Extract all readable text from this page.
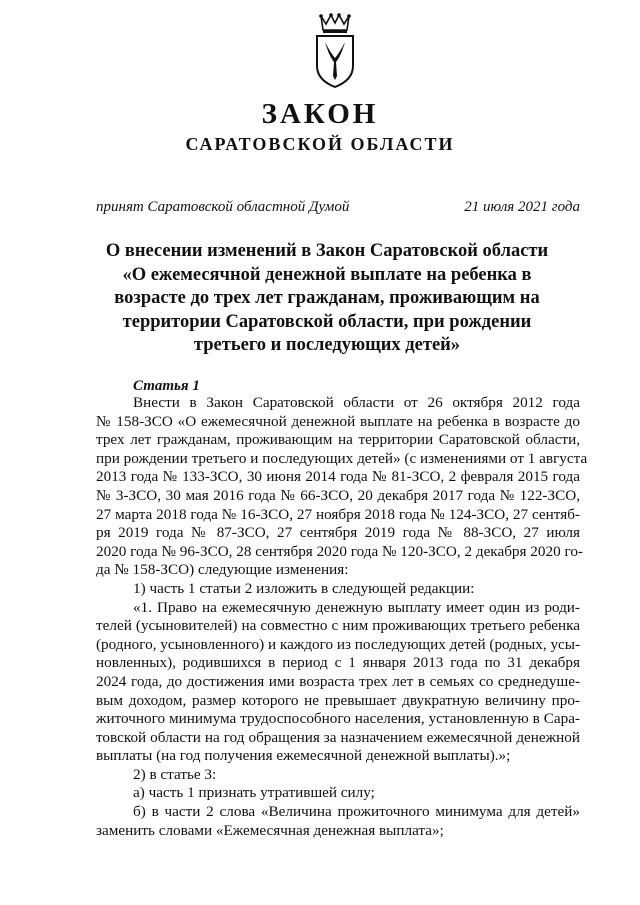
ЗАКОН
САРАТОВСКОЙ ОБЛАСТИ
принят Саратовской областной Думой	21 июля 2021 года
О внесении изменений в Закон Саратовской области
«О ежемесячной денежной выплате на ребенка в
возрасте до трех лет гражданам, проживающим на
территории Саратовской области, при рождении
третьего и последующих детей»
Статья 1
Внести в Закон Саратовской области от 26 октября 2012 года
№ 158-ЗСО «О ежемесячной денежной выплате на ребенка в возрасте до
трех лет гражданам, проживающим на территории Саратовской области,
при рождении третьего и последующих детей» (с изменениями от 1 августа
2013 года № 133-ЗСО, 30 июня 2014 года № 81-ЗСО, 2 февраля 2015 года
№ 3-ЗСО, 30 мая 2016 года № 66-ЗСО, 20 декабря 2017 года № 122-ЗСО,
27 марта 2018 года № 16-ЗСО, 27 ноября 2018 года № 124-ЗСО, 27 сентяб-
ря 2019 года № 87-ЗСО, 27 сентября 2019 года № 88-ЗСО, 27 июля
2020 года № 96-ЗСО, 28 сентября 2020 года № 120-ЗСО, 2 декабря 2020 го-
да № 158-ЗСО) следующие изменения:
1) часть 1 статьи 2 изложить в следующей редакции:
«1. Право на ежемесячную денежную выплату имеет один из роди-
телей (усыновителей) на совместно с ним проживающих третьего ребенка
(родного, усыновленного) и каждого из последующих детей (родных, усы-
новленных), родившихся в период с 1 января 2013 года по 31 декабря
2024 года, до достижения ими возраста трех лет в семьях со среднедуше-
вым доходом, размер которого не превышает двукратную величину про-
житочного минимума трудоспособного населения, установленную в Сара-
товской области на год обращения за назначением ежемесячной денежной
выплаты (на год получения ежемесячной денежной выплаты).»;
2) в статье 3:
а) часть 1 признать утратившей силу;
б) в части 2 слова «Величина прожиточного минимума для детей»
заменить словами «Ежемесячная денежная выплата»;
